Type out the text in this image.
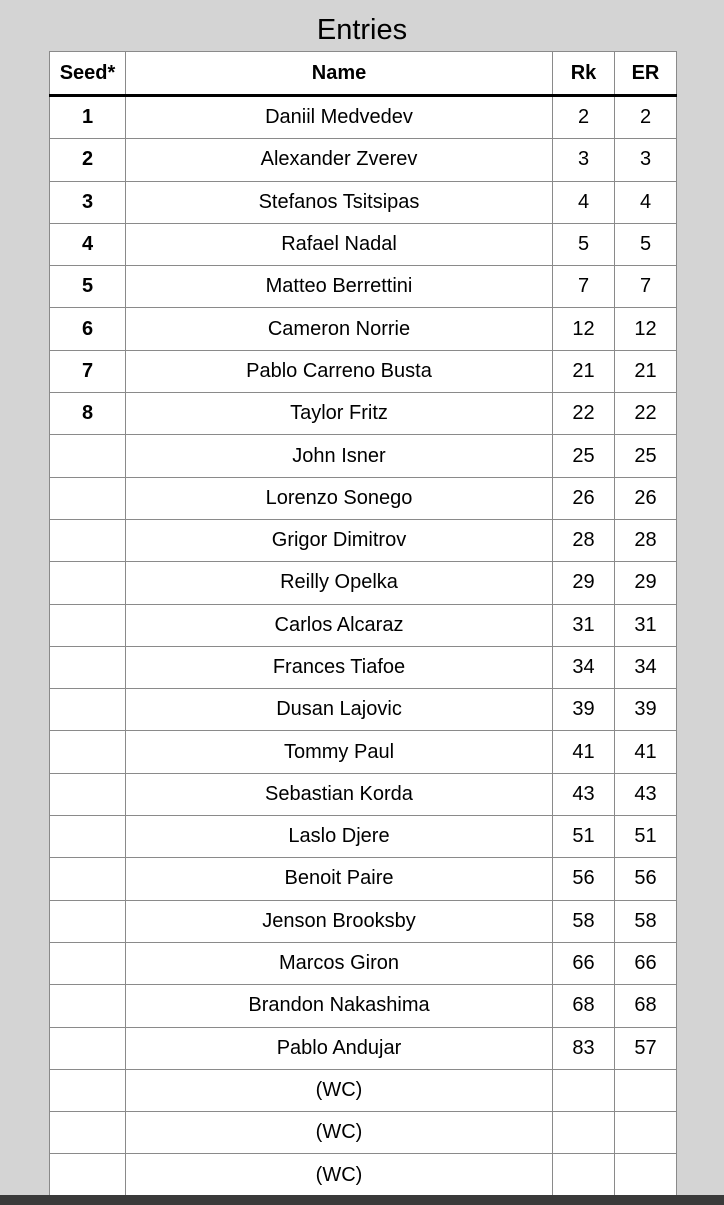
Entries
Seed*	Name	Rk	ER
1	Daniil Medvedev	2	2
2	Alexander Zverev	3	3
3	Stefanos Tsitsipas	4	4
4	Rafael Nadal	5	5
5	Matteo Berrettini	7	7
6	Cameron Norrie	12	12
7	Pablo Carreno Busta	21	21
8	Taylor Fritz	22	22
	John Isner	25	25
	Lorenzo Sonego	26	26
	Grigor Dimitrov	28	28
	Reilly Opelka	29	29
	Carlos Alcaraz	31	31
	Frances Tiafoe	34	34
	Dusan Lajovic	39	39
	Tommy Paul	41	41
	Sebastian Korda	43	43
	Laslo Djere	51	51
	Benoit Paire	56	56
	Jenson Brooksby	58	58
	Marcos Giron	66	66
	Brandon Nakashima	68	68
	Pablo Andujar	83	57
	(WC)		
	(WC)		
	(WC)		
